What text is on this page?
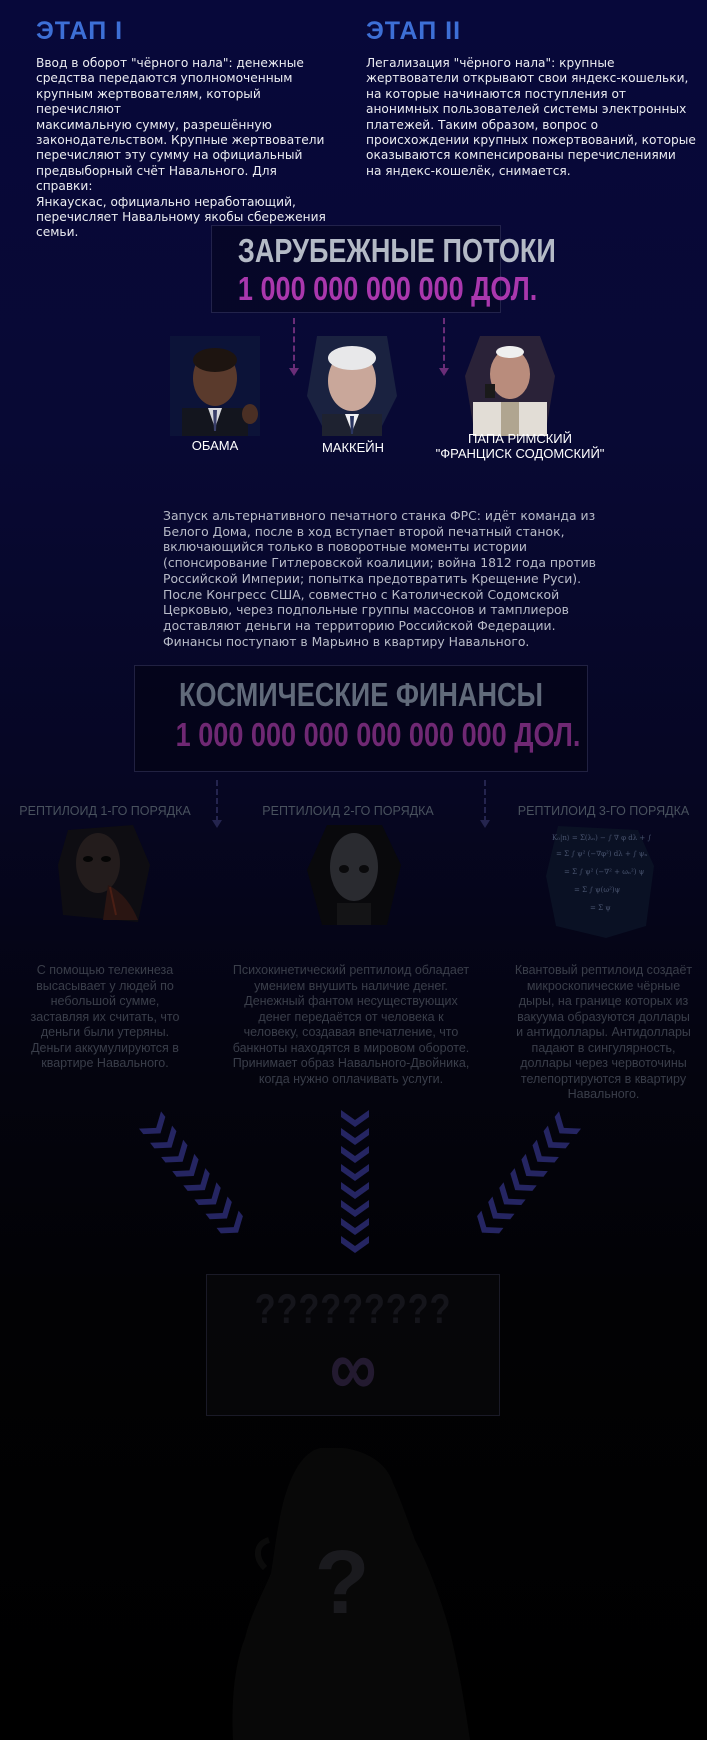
ЭТАП I
Ввод в оборот "чёрного нала": денежные
средства передаются уполномоченным
крупным жертвователям, который перечисляют
максимальную сумму, разрешённую
законодательством. Крупные жертвователи
перечисляют эту сумму на официальный
предвыборный счёт Навального. Для справки:
Янкаускас, официально неработающий,
перечисляет Навальному якобы сбережения
семьи.
ЭТАП II
Легализация "чёрного нала": крупные
жертвователи открывают свои яндекс-кошельки,
на которые начинаются поступления от
анонимных пользователей системы электронных
платежей. Таким образом, вопрос о
происхождении крупных пожертвований, которые
оказываются компенсированы перечислениями
на яндекс-кошелёк, снимается.
ЗАРУБЕЖНЫЕ ПОТОКИ
1 000 000 000 000 ДОЛ.
ОБАМА	МАККЕЙН
ПАПА РИМСКИЙ
"ФРАНЦИСК СОДОМСКИЙ"
Запуск альтернативного печатного станка ФРС: идёт команда из
Белого Дома, после в ход вступает второй печатный станок,
включающийся только в поворотные моменты истории
(спонсирование Гитлеровской коалиции; война 1812 года против
Российской Империи; попытка предотвратить Крещение Руси).
После Конгресс США, совместно с Католической Содомской
Церковью, через подпольные группы массонов и тамплиеров
доставляют деньги на территорию Российской Федерации.
Финансы поступают в Марьино в квартиру Навального.
КОСМИЧЕСКИЕ ФИНАНСЫ
1 000 000 000 000 000 000 ДОЛ.
РЕПТИЛОИД 1-ГО ПОРЯДКА	РЕПТИЛОИД 2-ГО ПОРЯДКА	РЕПТИЛОИД 3-ГО ПОРЯДКА
K₀|n⟩ = Σ(λₙ) − ∫ ∇ φ dλ + ∫
= Σ ∫ ψ² (−∇φ²) dλ + ∫ ψₙ
= Σ ∫ ψ² (−∇² + ωₙ²) ψ
= Σ ∫ ψ(ω²)ψ
= Σ ψ
С помощью телекинеза
высасывает у людей по
небольшой сумме,
заставляя их считать, что
деньги были утеряны.
Деньги аккумулируются в
квартире Навального.
Психокинетический рептилоид обладает
умением внушить наличие денег.
Денежный фантом несуществующих
денег передаётся от человека к
человеку, создавая впечатление, что
банкноты находятся в мировом обороте.
Принимает образ Навального-Двойника,
когда нужно оплачивать услуги.
Квантовый рептилоид создаёт
микроскопические чёрные
дыры, на границе которых из
вакуума образуются доллары
и антидоллары. Антидоллары
падают в сингулярность,
доллары через червоточины
телепортируются в квартиру
Навального.
?????????
∞
?
